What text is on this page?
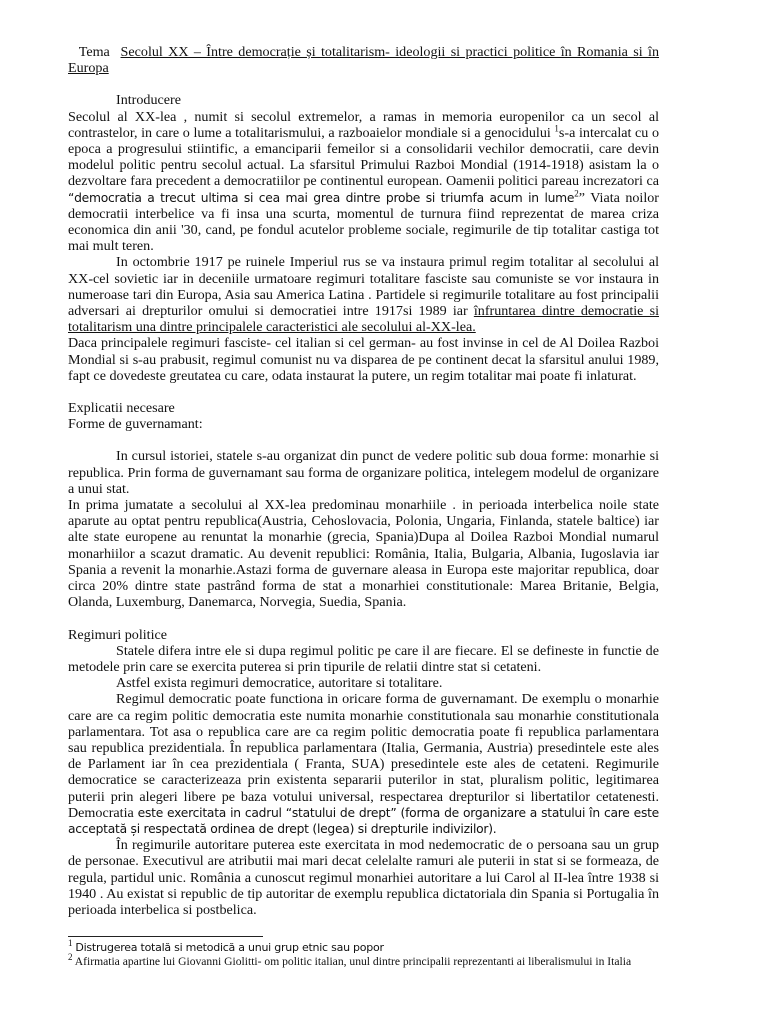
Tema Secolul XX – Între democrație și totalitarism- ideologii si practici politice în Romania si în Europa

Introducere

Secolul al XX-lea , numit si secolul extremelor, a ramas in memoria europenilor ca un secol al contrastelor, in care o lume a totalitarismului, a razboaielor mondiale si a genocidului $^1$s-a intercalat cu o epoca a progresului stiintific, a emanciparii femeilor si a consolidarii vechilor democratii, care devin modelul politic pentru secolul actual. La sfarsitul Primului Razboi Mondial (1914-1918) asistam la o dezvoltare fara precedent a democratiilor pe continentul european. Oamenii politici pareau increzatori ca “democratia a trecut ultima si cea mai grea dintre probe si triumfa acum in lume$^2$” Viata noilor democratii interbelice va fi insa una scurta, momentul de turnura fiind reprezentat de marea criza economica din anii '30, cand, pe fondul acutelor probleme sociale, regimurile de tip totalitar castiga tot mai mult teren.

In octombrie 1917 pe ruinele Imperiul rus se va instaura primul regim totalitar al secolului al XX-cel sovietic iar in deceniile urmatoare regimuri totalitare fasciste sau comuniste se vor instaura in numeroase tari din Europa, Asia sau America Latina . Partidele si regimurile totalitare au fost principalii adversari ai drepturilor omului si democratiei intre 1917si 1989 iar înfruntarea dintre democratie si totalitarism una dintre principalele caracteristici ale secolului al-XX-lea.

Daca principalele regimuri fasciste- cel italian si cel german- au fost invinse in cel de Al Doilea Razboi Mondial si s-au prabusit, regimul comunist nu va disparea de pe continent decat la sfarsitul anului 1989, fapt ce dovedeste greutatea cu care, odata instaurat la putere, un regim totalitar mai poate fi inlaturat.

Explicatii necesare

Forme de guvernamant:

In cursul istoriei, statele s-au organizat din punct de vedere politic sub doua forme: monarhie si republica. Prin forma de guvernamant sau forma de organizare politica, intelegem modelul de organizare a unui stat.

In prima jumatate a secolului al XX-lea predominau monarhiile . in perioada interbelica noile state aparute au optat pentru republica(Austria, Cehoslovacia, Polonia, Ungaria, Finlanda, statele baltice) iar alte state europene au renuntat la monarhie (grecia, Spania)Dupa al Doilea Razboi Mondial numarul monarhiilor a scazut dramatic. Au devenit republici: România, Italia, Bulgaria, Albania, Iugoslavia iar Spania a revenit la monarhie.Astazi forma de guvernare aleasa in Europa este majoritar republica, doar circa 20% dintre state pastrând forma de stat a monarhiei constitutionale: Marea Britanie, Belgia, Olanda, Luxemburg, Danemarca, Norvegia, Suedia, Spania.

Regimuri politice

Statele difera intre ele si dupa regimul politic pe care il are fiecare. El se defineste in functie de metodele prin care se exercita puterea si prin tipurile de relatii dintre stat si cetateni.

Astfel exista regimuri democratice, autoritare si totalitare.

Regimul democratic poate functiona in oricare forma de guvernamant. De exemplu o monarhie care are ca regim politic democratia este numita monarhie constitutionala sau monarhie constitutionala parlamentara. Tot asa o republica care are ca regim politic democratia poate fi republica parlamentara sau republica prezidentiala. În republica parlamentara (Italia, Germania, Austria) presedintele este ales de Parlament iar în cea prezidentiala ( Franta, SUA) presedintele este ales de cetateni. Regimurile democratice se caracterizeaza prin existenta separarii puterilor in stat, pluralism politic, legitimarea puterii prin alegeri libere pe baza votului universal, respectarea drepturilor si libertatilor cetatenesti. Democratia este exercitata in cadrul “statului de drept” (forma de organizare a statului în care este acceptată și respectată ordinea de drept (legea) si drepturile indivizilor).

În regimurile autoritare puterea este exercitata in mod nedemocratic de o persoana sau un grup de personae. Executivul are atributii mai mari decat celelalte ramuri ale puterii in stat si se formeaza, de regula, partidul unic. România a cunoscut regimul monarhiei autoritare a lui Carol al II-lea între 1938 si 1940 . Au existat si republic de tip autoritar de exemplu republica dictatoriala din Spania si Portugalia în perioada interbelica si postbelica.

$^1$ Distrugerea totală si metodică a unui grup etnic sau popor

$^2$ Afirmatia apartine lui Giovanni Giolitti- om politic italian, unul dintre principalii reprezentanti ai liberalismului in Italia
